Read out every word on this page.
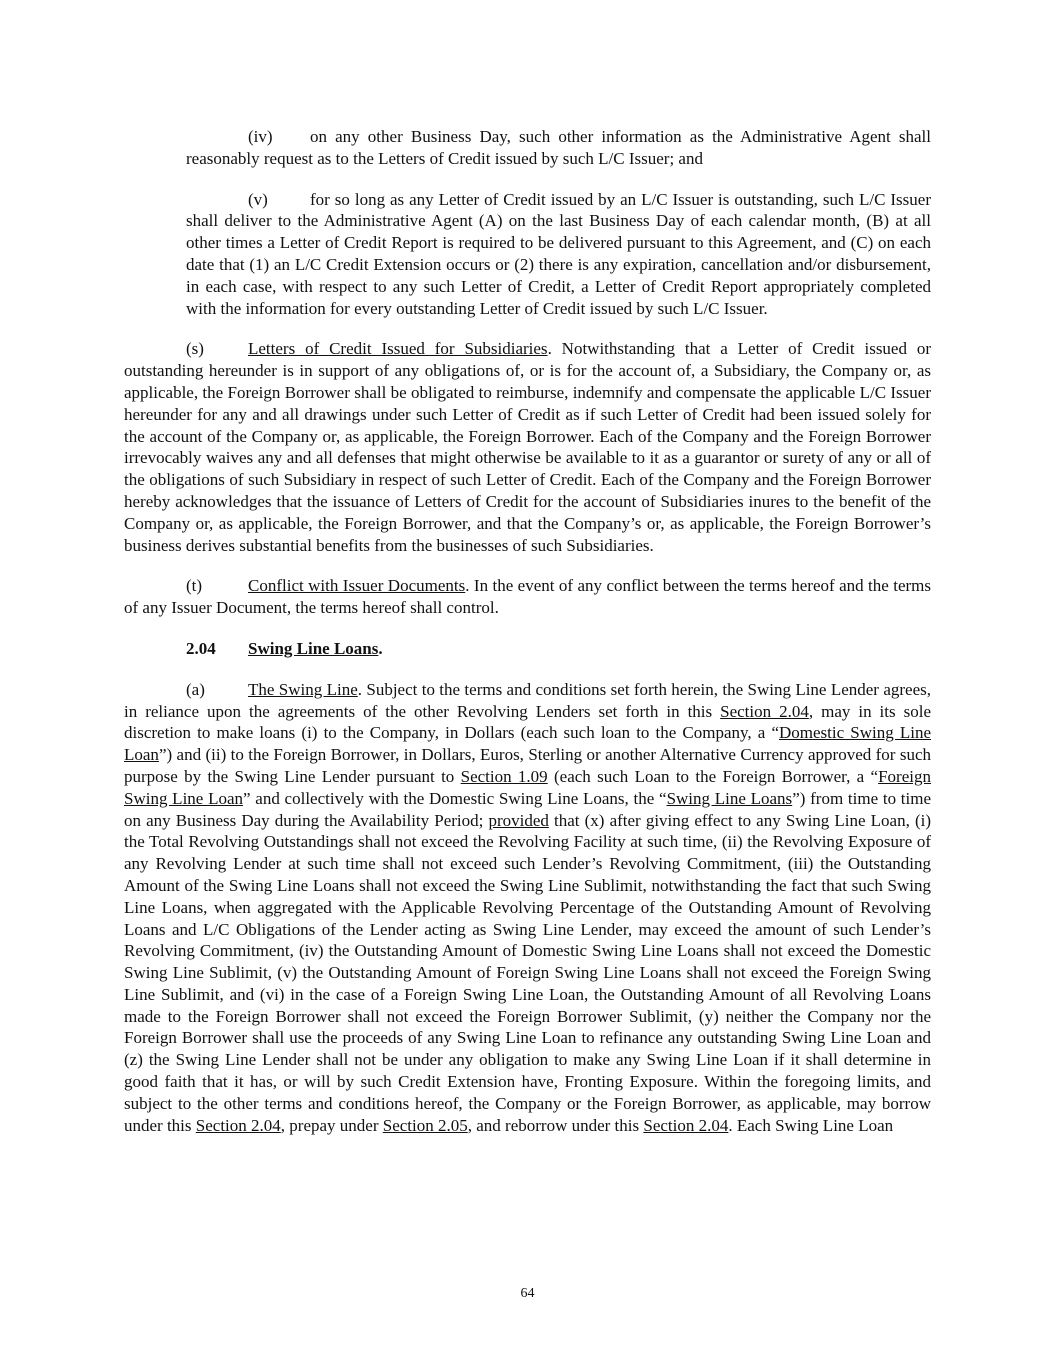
(iv) on any other Business Day, such other information as the Administrative Agent shall reasonably request as to the Letters of Credit issued by such L/C Issuer; and

(v) for so long as any Letter of Credit issued by an L/C Issuer is outstanding, such L/C Issuer shall deliver to the Administrative Agent (A) on the last Business Day of each calendar month, (B) at all other times a Letter of Credit Report is required to be delivered pursuant to this Agreement, and (C) on each date that (1) an L/C Credit Extension occurs or (2) there is any expiration, cancellation and/or disbursement, in each case, with respect to any such Letter of Credit, a Letter of Credit Report appropriately completed with the information for every outstanding Letter of Credit issued by such L/C Issuer.

(s)	Letters of Credit Issued for Subsidiaries. Notwithstanding that a Letter of Credit issued or outstanding hereunder is in support of any obligations of, or is for the account of, a Subsidiary, the Company or, as applicable, the Foreign Borrower shall be obligated to reimburse, indemnify and compensate the applicable L/C Issuer hereunder for any and all drawings under such Letter of Credit as if such Letter of Credit had been issued solely for the account of the Company or, as applicable, the Foreign Borrower. Each of the Company and the Foreign Borrower irrevocably waives any and all defenses that might otherwise be available to it as a guarantor or surety of any or all of the obligations of such Subsidiary in respect of such Letter of Credit. Each of the Company and the Foreign Borrower hereby acknowledges that the issuance of Letters of Credit for the account of Subsidiaries inures to the benefit of the Company or, as applicable, the Foreign Borrower, and that the Company’s or, as applicable, the Foreign Borrower’s business derives substantial benefits from the businesses of such Subsidiaries.

(t)	Conflict with Issuer Documents. In the event of any conflict between the terms hereof and the terms of any Issuer Document, the terms hereof shall control.

2.04 Swing Line Loans.

(a)	The Swing Line. Subject to the terms and conditions set forth herein, the Swing Line Lender agrees, in reliance upon the agreements of the other Revolving Lenders set forth in this Section 2.04, may in its sole discretion to make loans (i) to the Company, in Dollars (each such loan to the Company, a “Domestic Swing Line Loan”) and (ii) to the Foreign Borrower, in Dollars, Euros, Sterling or another Alternative Currency approved for such purpose by the Swing Line Lender pursuant to Section 1.09 (each such Loan to the Foreign Borrower, a “Foreign Swing Line Loan” and collectively with the Domestic Swing Line Loans, the “Swing Line Loans”) from time to time on any Business Day during the Availability Period; provided that (x) after giving effect to any Swing Line Loan, (i) the Total Revolving Outstandings shall not exceed the Revolving Facility at such time, (ii) the Revolving Exposure of any Revolving Lender at such time shall not exceed such Lender’s Revolving Commitment, (iii) the Outstanding Amount of the Swing Line Loans shall not exceed the Swing Line Sublimit, notwithstanding the fact that such Swing Line Loans, when aggregated with the Applicable Revolving Percentage of the Outstanding Amount of Revolving Loans and L/C Obligations of the Lender acting as Swing Line Lender, may exceed the amount of such Lender’s Revolving Commitment, (iv) the Outstanding Amount of Domestic Swing Line Loans shall not exceed the Domestic Swing Line Sublimit, (v) the Outstanding Amount of Foreign Swing Line Loans shall not exceed the Foreign Swing Line Sublimit, and (vi) in the case of a Foreign Swing Line Loan, the Outstanding Amount of all Revolving Loans made to the Foreign Borrower shall not exceed the Foreign Borrower Sublimit, (y) neither the Company nor the Foreign Borrower shall use the proceeds of any Swing Line Loan to refinance any outstanding Swing Line Loan and (z) the Swing Line Lender shall not be under any obligation to make any Swing Line Loan if it shall determine in good faith that it has, or will by such Credit Extension have, Fronting Exposure. Within the foregoing limits, and subject to the other terms and conditions hereof, the Company or the Foreign Borrower, as applicable, may borrow under this Section 2.04, prepay under Section 2.05, and reborrow under this Section 2.04. Each Swing Line Loan

64
